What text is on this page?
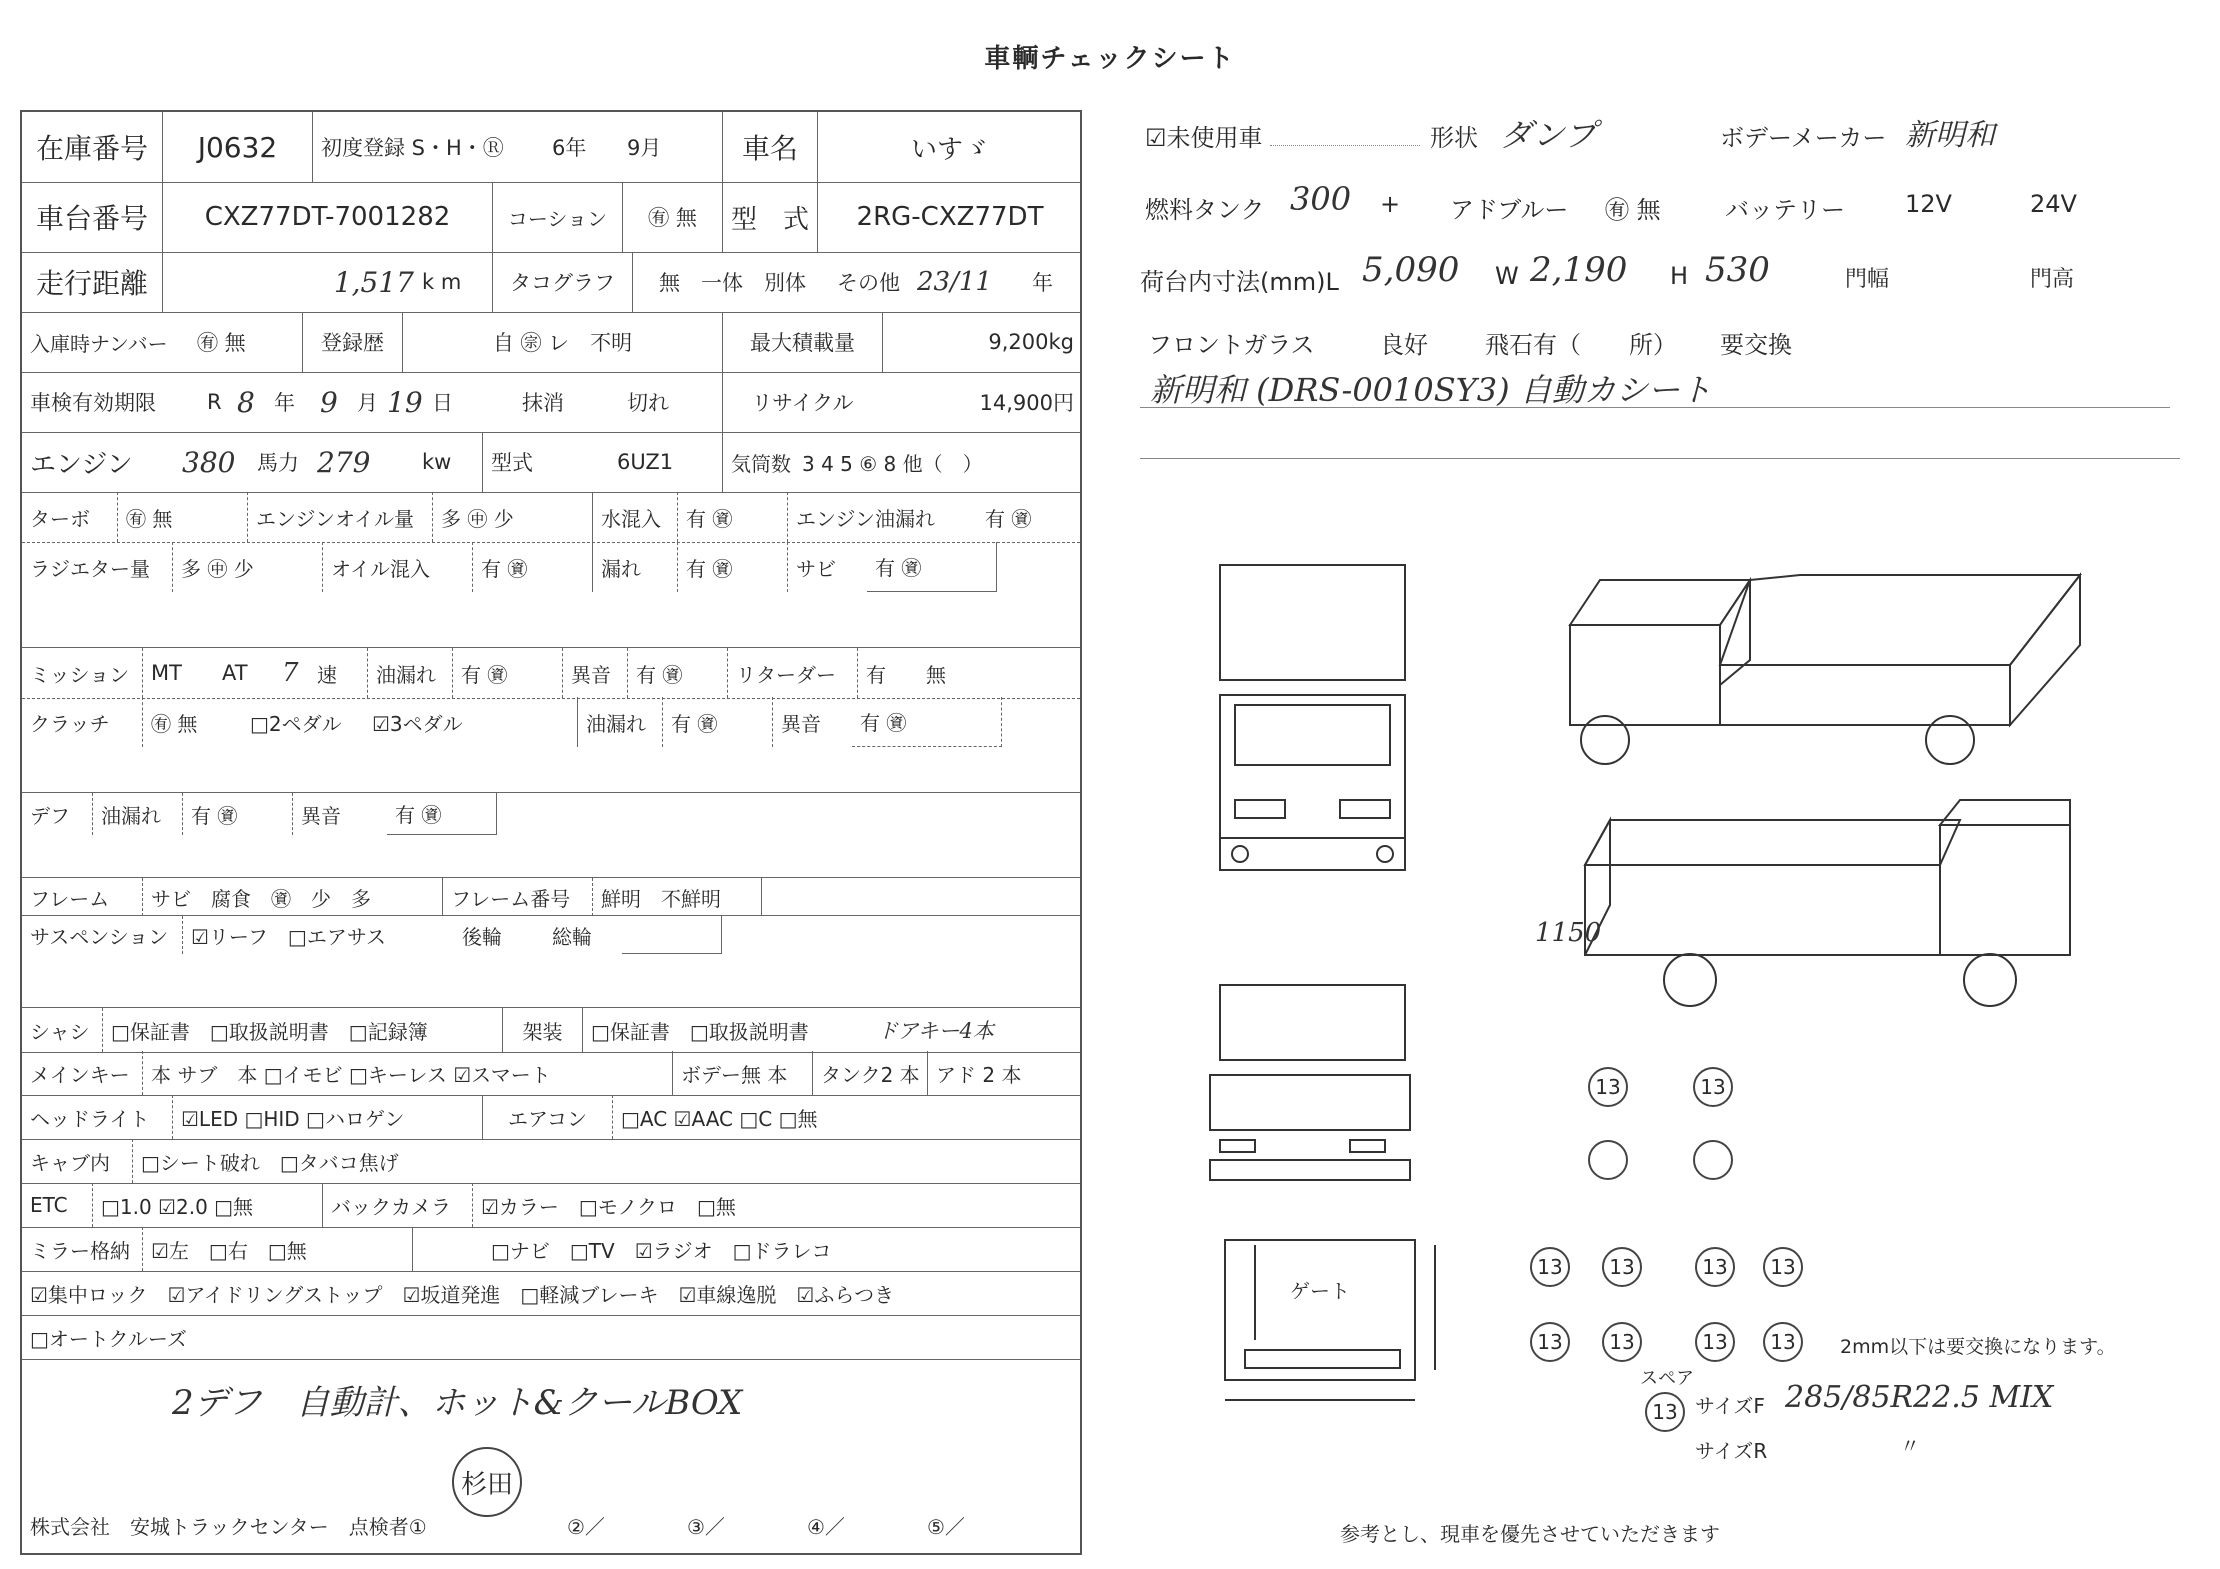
車輌チェックシート
在庫番号	J0632	初度登録 S・H・Ⓡ	6年	9月	車名	いすゞ
車台番号	CXZ77DT-7001282	コーション	㊒ 無	型　式	2RG-CXZ77DT
走行距離	1,517 k m	タコグラフ	無　一体　別体	その他 23/11	年
入庫時ナンバー	㊒ 無	登録歴	自 ㊪ レ　不明	最大積載量	9,200kg
車検有効期限	R 8 年 9 月 19 日	抹消	切れ	リサイクル	14,900円
エンジン	380	馬力 279	kw	型式	6UZ1	気筒数 3 4 5 ⑥ 8 他（　）
ターボ	㊒ 無	エンジンオイル量	多 ㊥ 少	水混入	有 ㊮	エンジン油漏れ	有 ㊮
ラジエター量	多 ㊥ 少	オイル混入	有 ㊮	漏れ	有 ㊮	サビ	有 ㊮
ミッション	MT	AT	7 速	油漏れ	有 ㊮	異音	有 ㊮	リターダー	有　　無
クラッチ	㊒ 無	□2ペダル	☑3ペダル	油漏れ	有 ㊮	異音	有 ㊮
デフ	油漏れ	有 ㊮	異音	有 ㊮
フレーム	サビ　腐食　㊮　少　多	フレーム番号	鮮明　不鮮明
サスペンション	☑リーフ　□エアサス	後輪	総輪
シャシ	□保証書　□取扱説明書　□記録簿	架装	□保証書　□取扱説明書	ドアキー4本
メインキー	本 サブ　本 □イモビ □キーレス ☑スマート	ボデー無 本	タンク2 本 アド 2 本
ヘッドライト	☑LED □HID □ハロゲン	エアコン	□AC ☑AAC □C □無
キャブ内	□シート破れ　□タバコ焦げ
ETC	□1.0 ☑2.0 □無	バックカメラ	☑カラー　□モノクロ　□無
ミラー格納	☑左　□右　□無	□ナビ　□TV　☑ラジオ　□ドラレコ
☑集中ロック　☑アイドリングストップ　☑坂道発進　□軽減ブレーキ　☑車線逸脱　☑ふらつき
□オートクルーズ
2デフ　自動計、ホット&クールBOX
株式会社　安城トラックセンター　点検者①	②／	③／	④／	⑤／
杉田
☑未使用車	形状 ダンプ	ボデーメーカー 新明和
燃料タンク 300 + アドブルー ㊒ 無	バッテリー	12V	24V
荷台内寸法(mm)L 5,090 W 2,190 H 530	門幅	門高
フロントガラス	良好 飛石有（　　所） 要交換
新明和 (DRS-0010SY3) 自動カシート
1150
ゲート
13	13
13	13	13	13
13	13	13	13	2mm以下は要交換になります。
スペア
13 サイズF 285/85R22.5 MIX
サイズR	〃
参考とし、現車を優先させていただきます
